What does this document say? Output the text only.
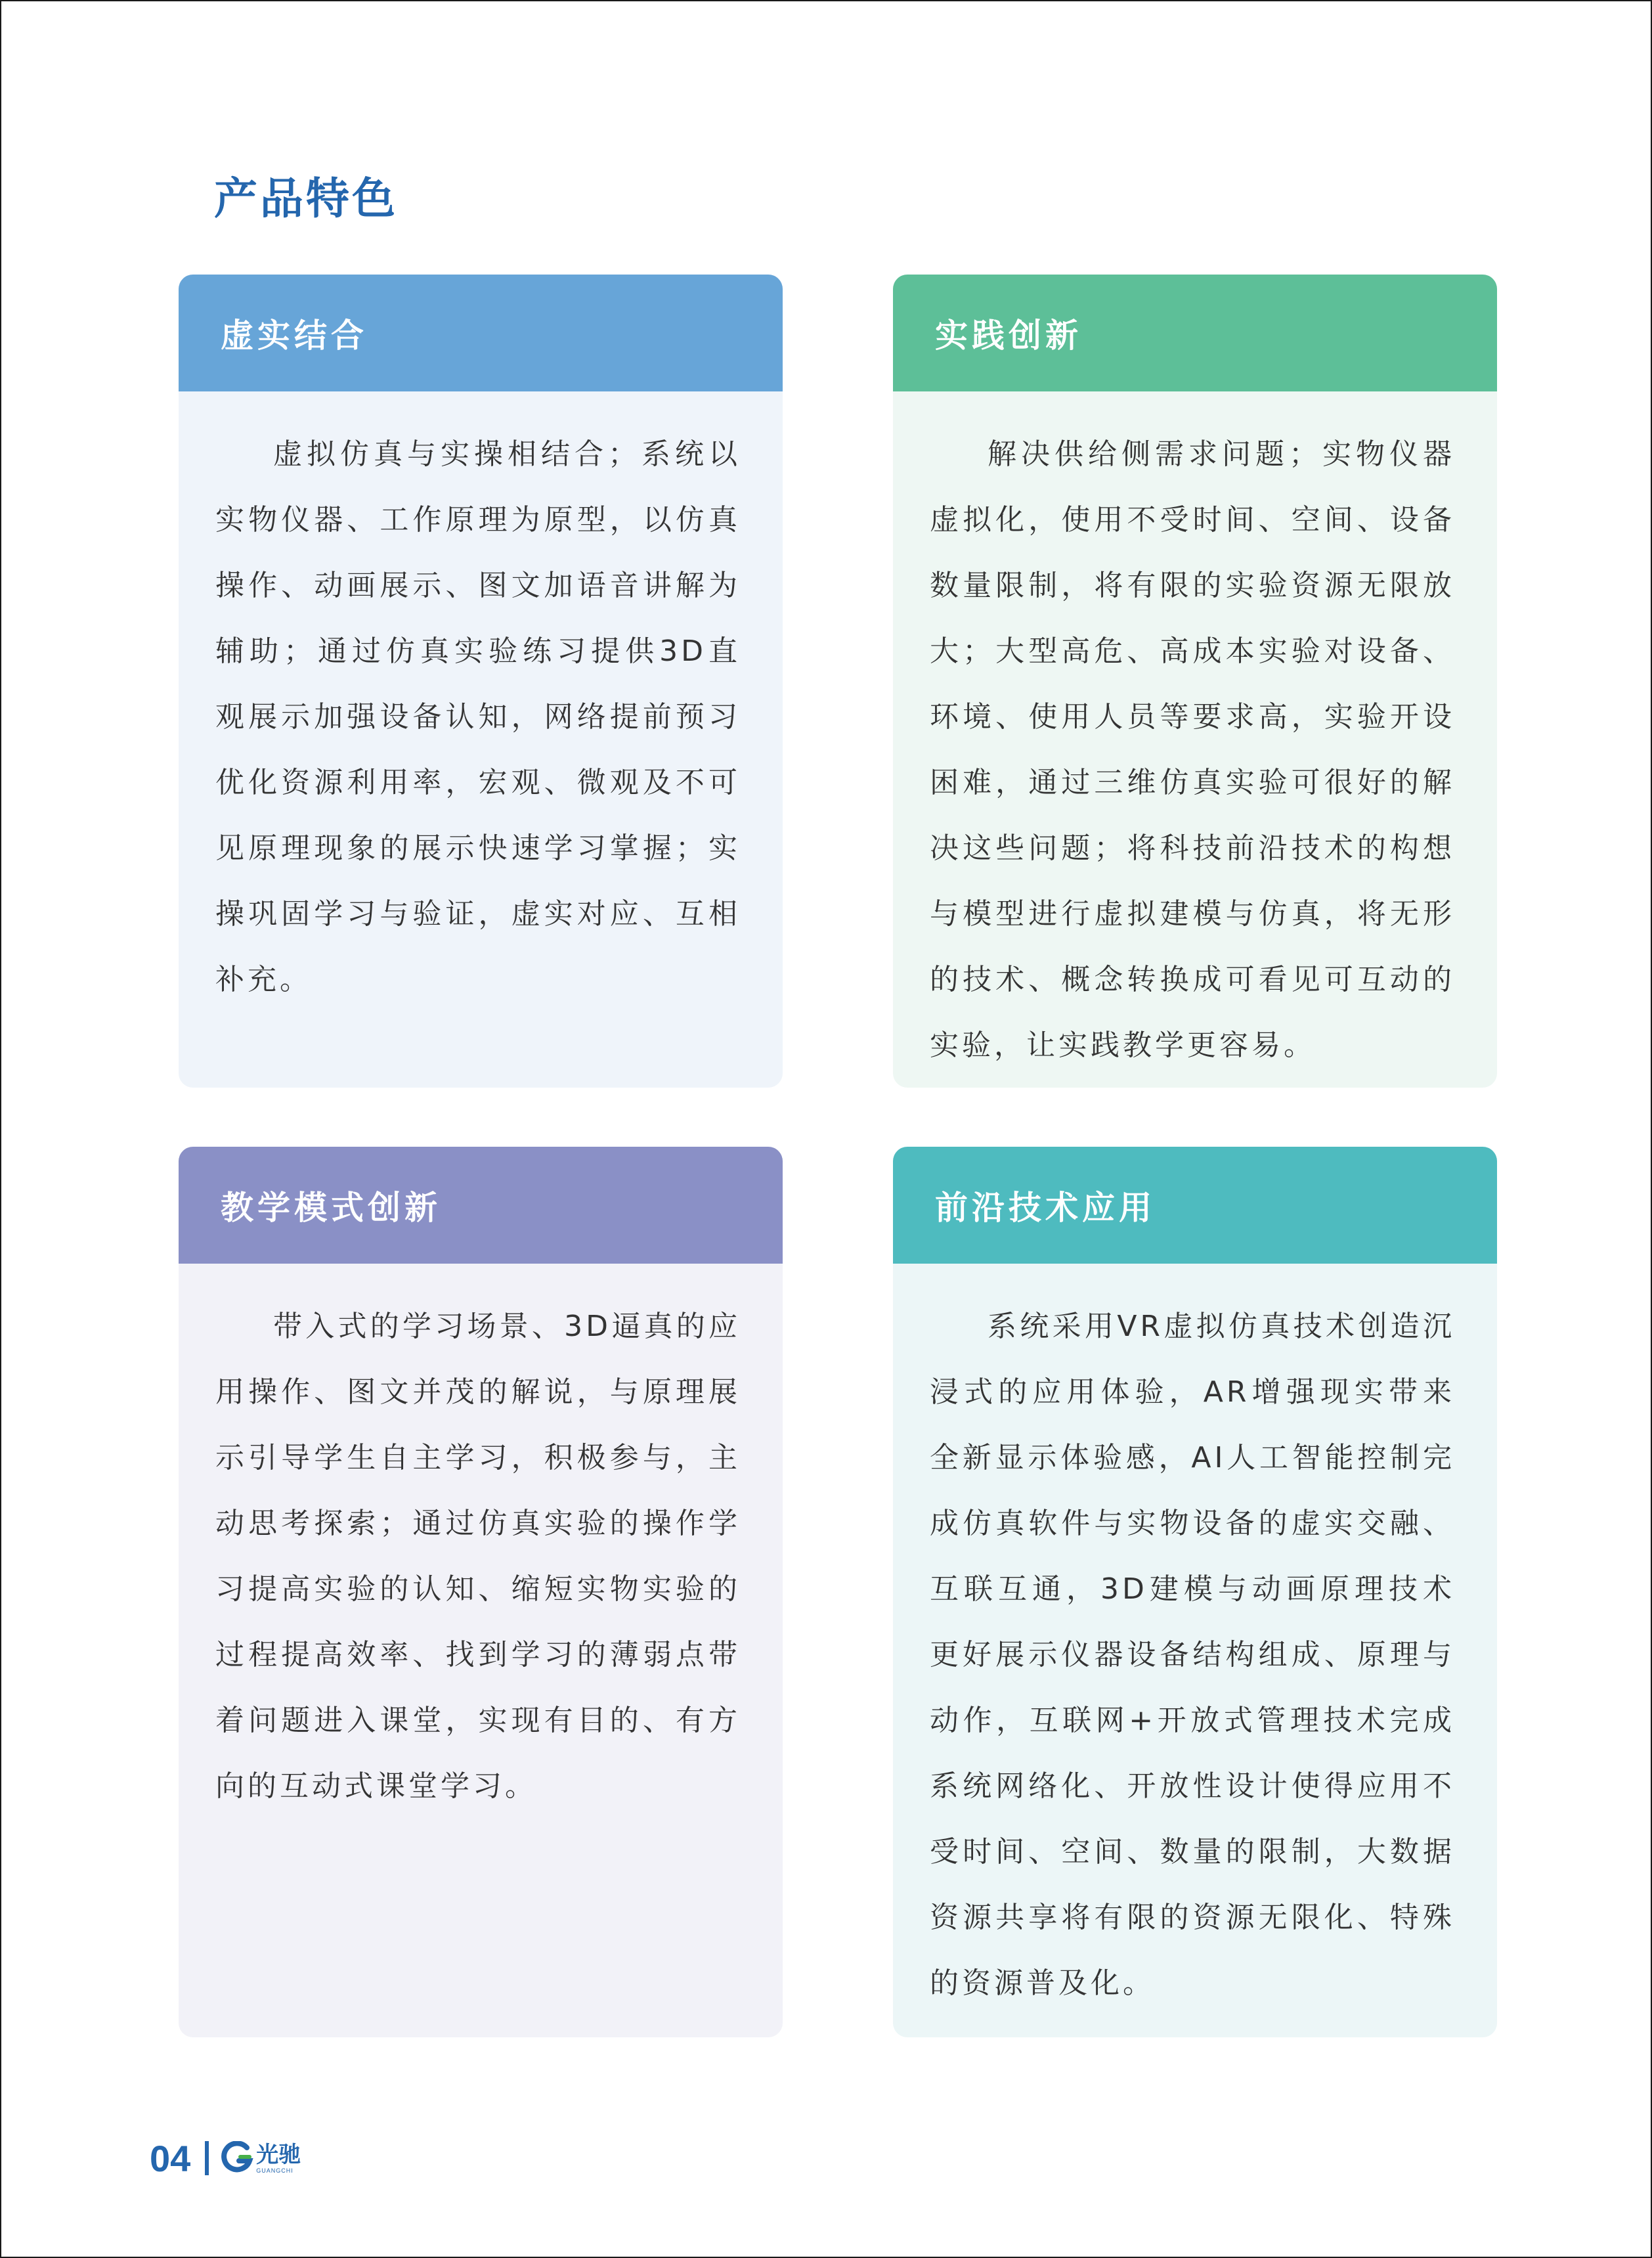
产品特色
虚实结合
虚拟仿真与实操相结合；系统以实物仪器、工作原理为原型，以仿真操作、动画展示、图文加语音讲解为辅助；通过仿真实验练习提供3D直观展示加强设备认知，网络提前预习优化资源利用率，宏观、微观及不可见原理现象的展示快速学习掌握；实操巩固学习与验证，虚实对应、互相补充。
实践创新
解决供给侧需求问题；实物仪器虚拟化，使用不受时间、空间、设备数量限制，将有限的实验资源无限放大；大型高危、高成本实验对设备、环境、使用人员等要求高，实验开设困难，通过三维仿真实验可很好的解决这些问题；将科技前沿技术的构想与模型进行虚拟建模与仿真，将无形的技术、概念转换成可看见可互动的实验，让实践教学更容易。
教学模式创新
带入式的学习场景、3D逼真的应用操作、图文并茂的解说，与原理展示引导学生自主学习，积极参与，主动思考探索；通过仿真实验的操作学习提高实验的认知、缩短实物实验的过程提高效率、找到学习的薄弱点带着问题进入课堂，实现有目的、有方向的互动式课堂学习。
前沿技术应用
系统采用VR虚拟仿真技术创造沉浸式的应用体验，AR增强现实带来全新显示体验感，AI人工智能控制完成仿真软件与实物设备的虚实交融、互联互通，3D建模与动画原理技术更好展示仪器设备结构组成、原理与动作，互联网+开放式管理技术完成系统网络化、开放性设计使得应用不受时间、空间、数量的限制，大数据资源共享将有限的资源无限化、特殊的资源普及化。
04	光驰
GUANGCHI
